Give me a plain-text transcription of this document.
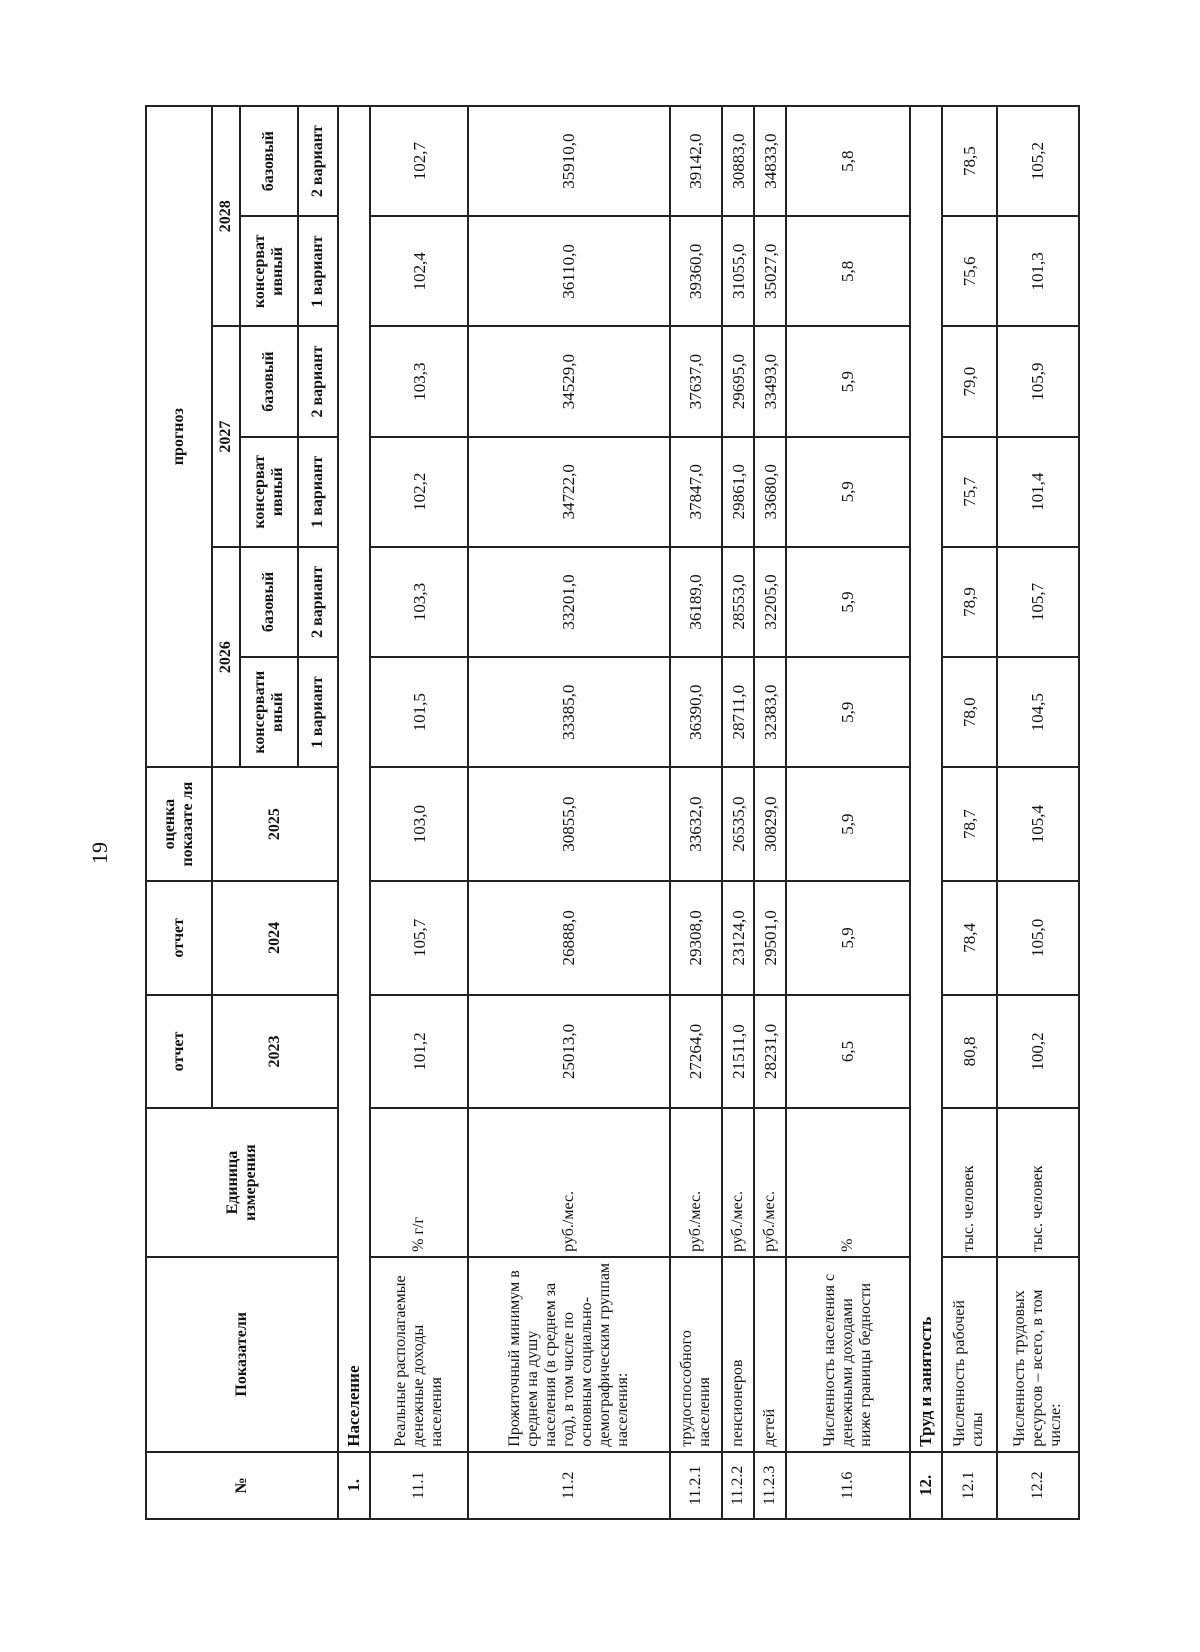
19
№	Показатели	Единица измерения	отчет	отчет	оценка показате ля	прогноз					
			2023	2024	2025	2026		2027		2028	
						консервати вный	базовый	консерват ивный	базовый	консерват ивный	базовый
						1 вариант	2 вариант	1 вариант	2 вариант	1 вариант	2 вариант
1.	Население										
11.1	Реальные располагаемые денежные доходы населения	% г/г	101,2	105,7	103,0	101,5	103,3	102,2	103,3	102,4	102,7
11.2	Прожиточный минимум в среднем на душу населения (в среднем за год), в том числе по основным социально-демографическим группам населения:	руб./мес.	25013,0	26888,0	30855,0	33385,0	33201,0	34722,0	34529,0	36110,0	35910,0
11.2.1	трудоспособного населения	руб./мес.	27264,0	29308,0	33632,0	36390,0	36189,0	37847,0	37637,0	39360,0	39142,0
11.2.2	пенсионеров	руб./мес.	21511,0	23124,0	26535,0	28711,0	28553,0	29861,0	29695,0	31055,0	30883,0
11.2.3	детей	руб./мес.	28231,0	29501,0	30829,0	32383,0	32205,0	33680,0	33493,0	35027,0	34833,0
11.6	Численность населения с денежными доходами ниже границы бедности	%	6,5	5,9	5,9	5,9	5,9	5,9	5,9	5,8	5,8
12.	Труд и занятость										
12.1	Численность рабочей силы	тыс. человек	80,8	78,4	78,7	78,0	78,9	75,7	79,0	75,6	78,5
12.2	Численность трудовых ресурсов – всего, в том числе:	тыс. человек	100,2	105,0	105,4	104,5	105,7	101,4	105,9	101,3	105,2
